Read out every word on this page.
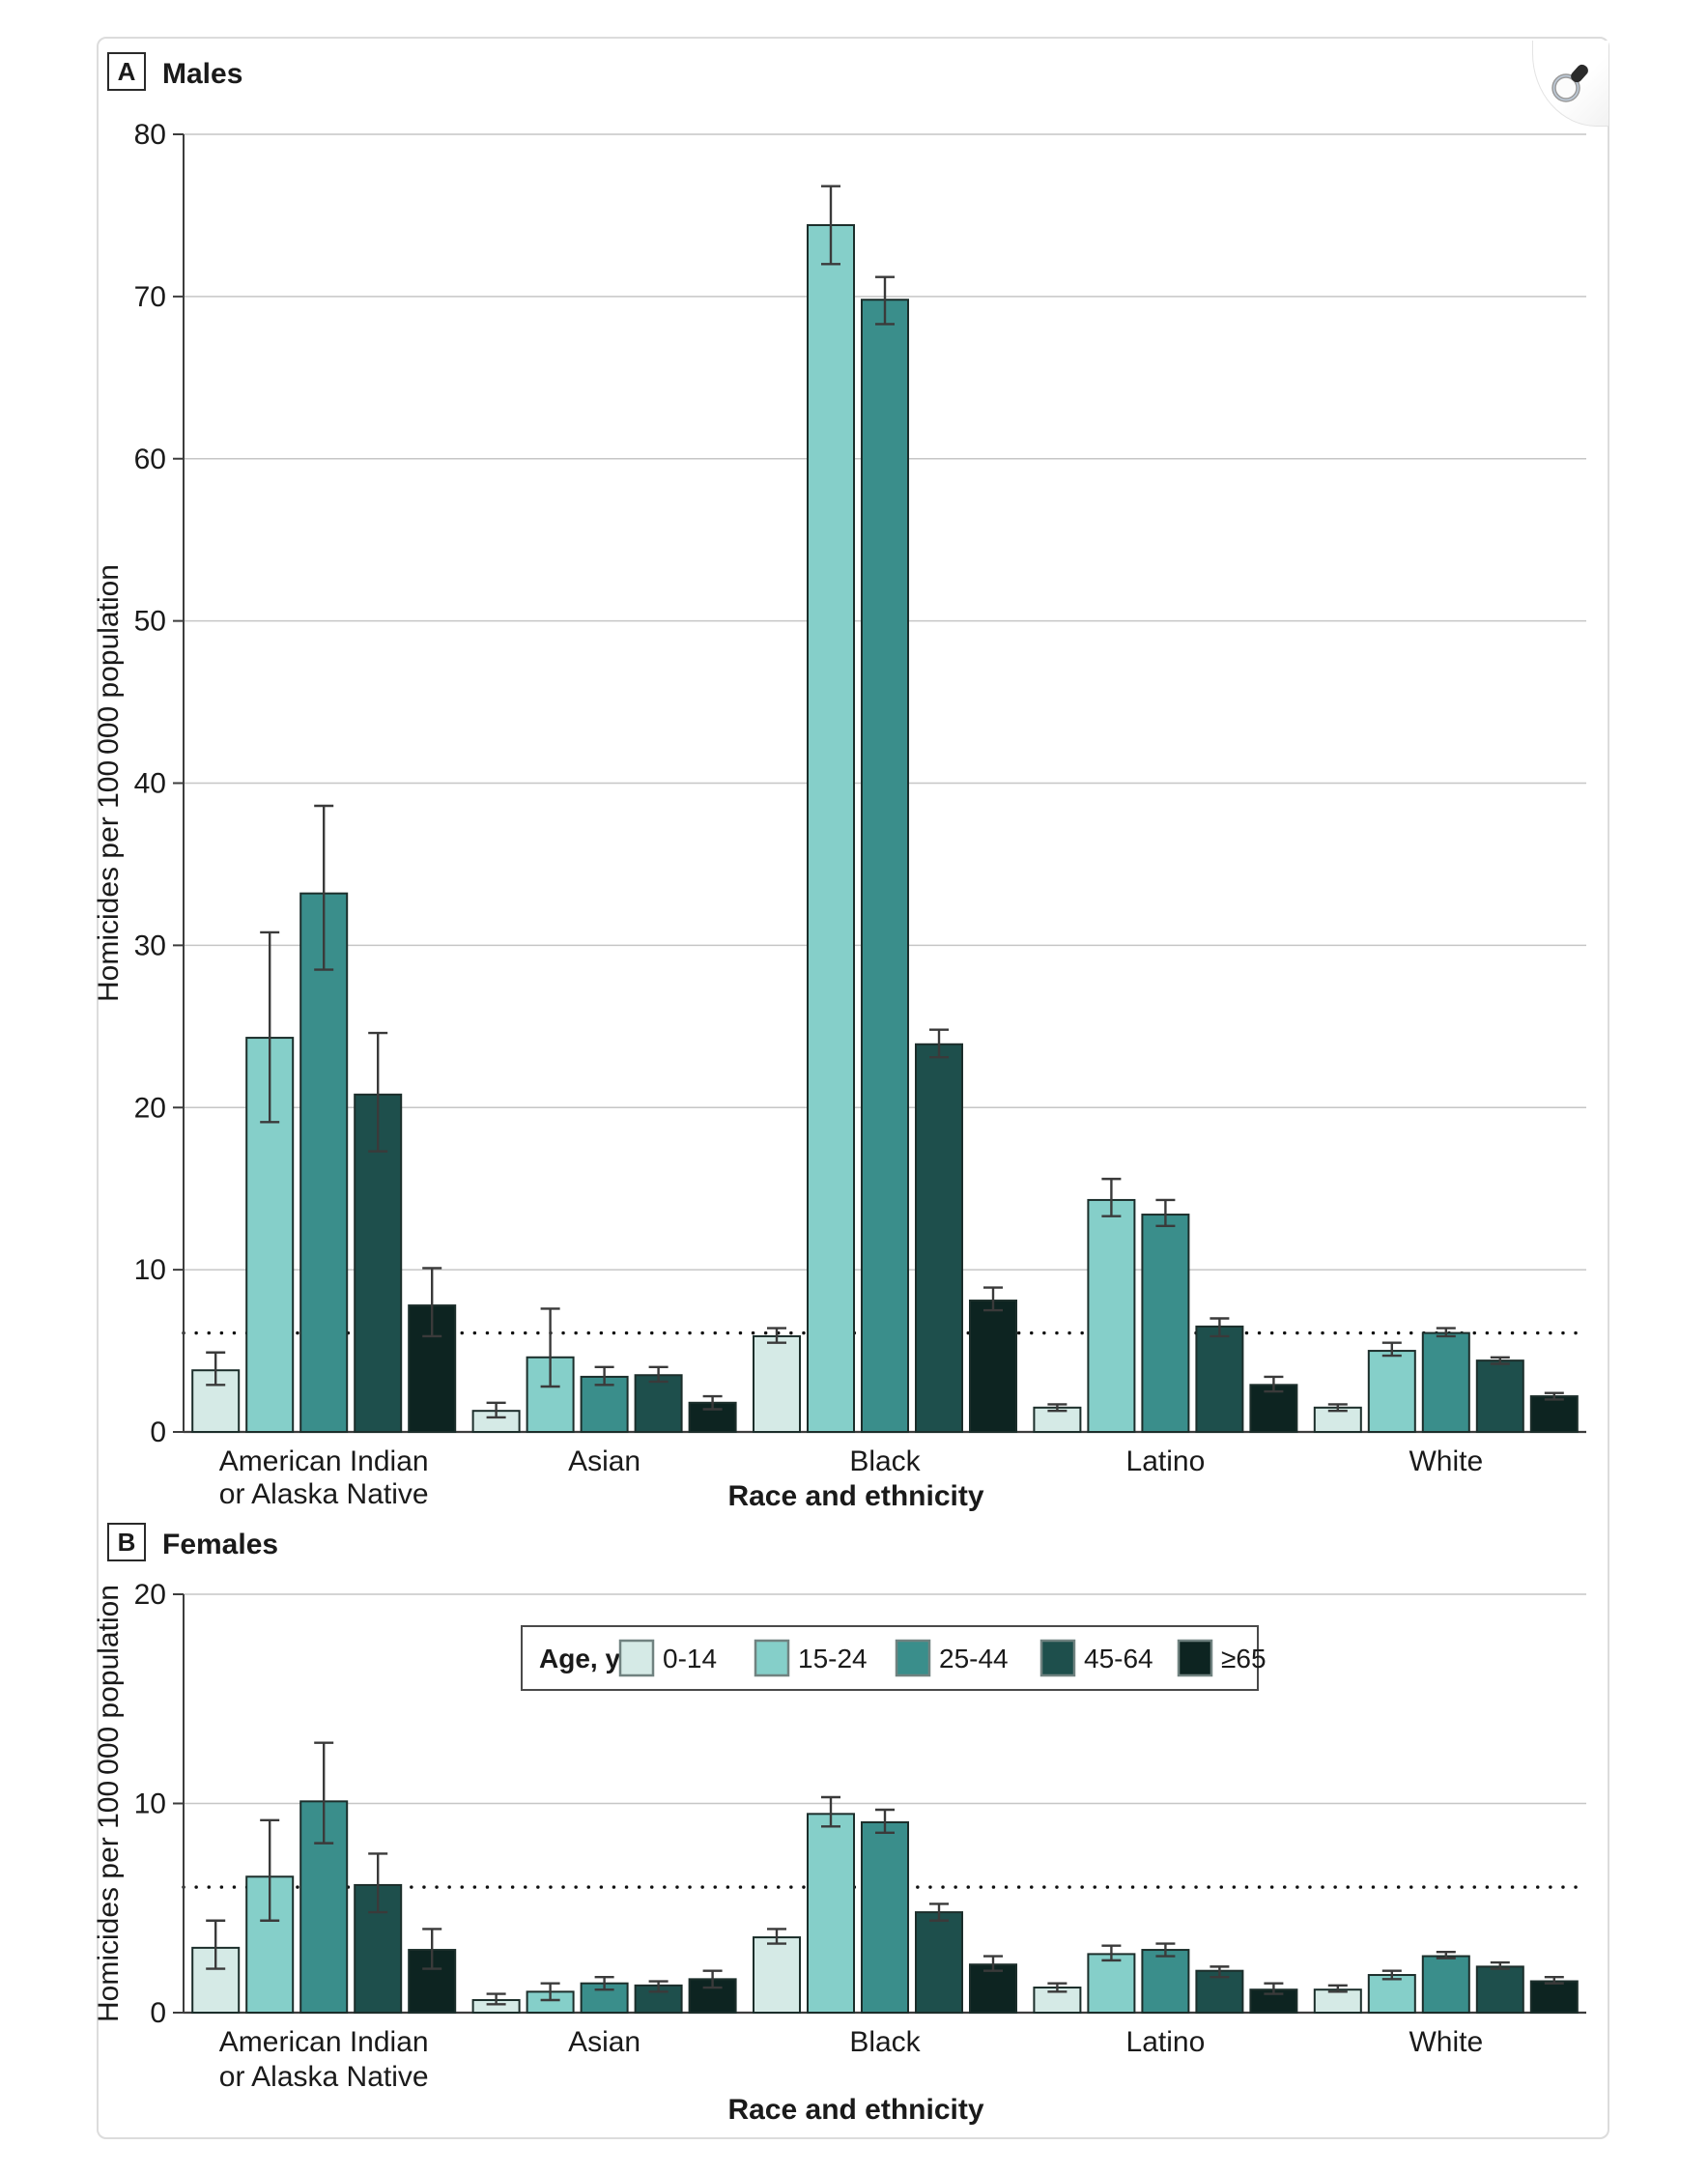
A Males
0
10
20
30
40
50
60
70
80
Homicides per 100 000 population
American Indian
or Alaska Native
Asian	Black	Latino	White
Race and ethnicity
B Females
0
10
20
Homicides per 100 000 population
American Indian
or Alaska Native
Asian	Black	Latino	White
Race and ethnicity
Age, y 0-14	15-24	25-44	45-64	≥65
